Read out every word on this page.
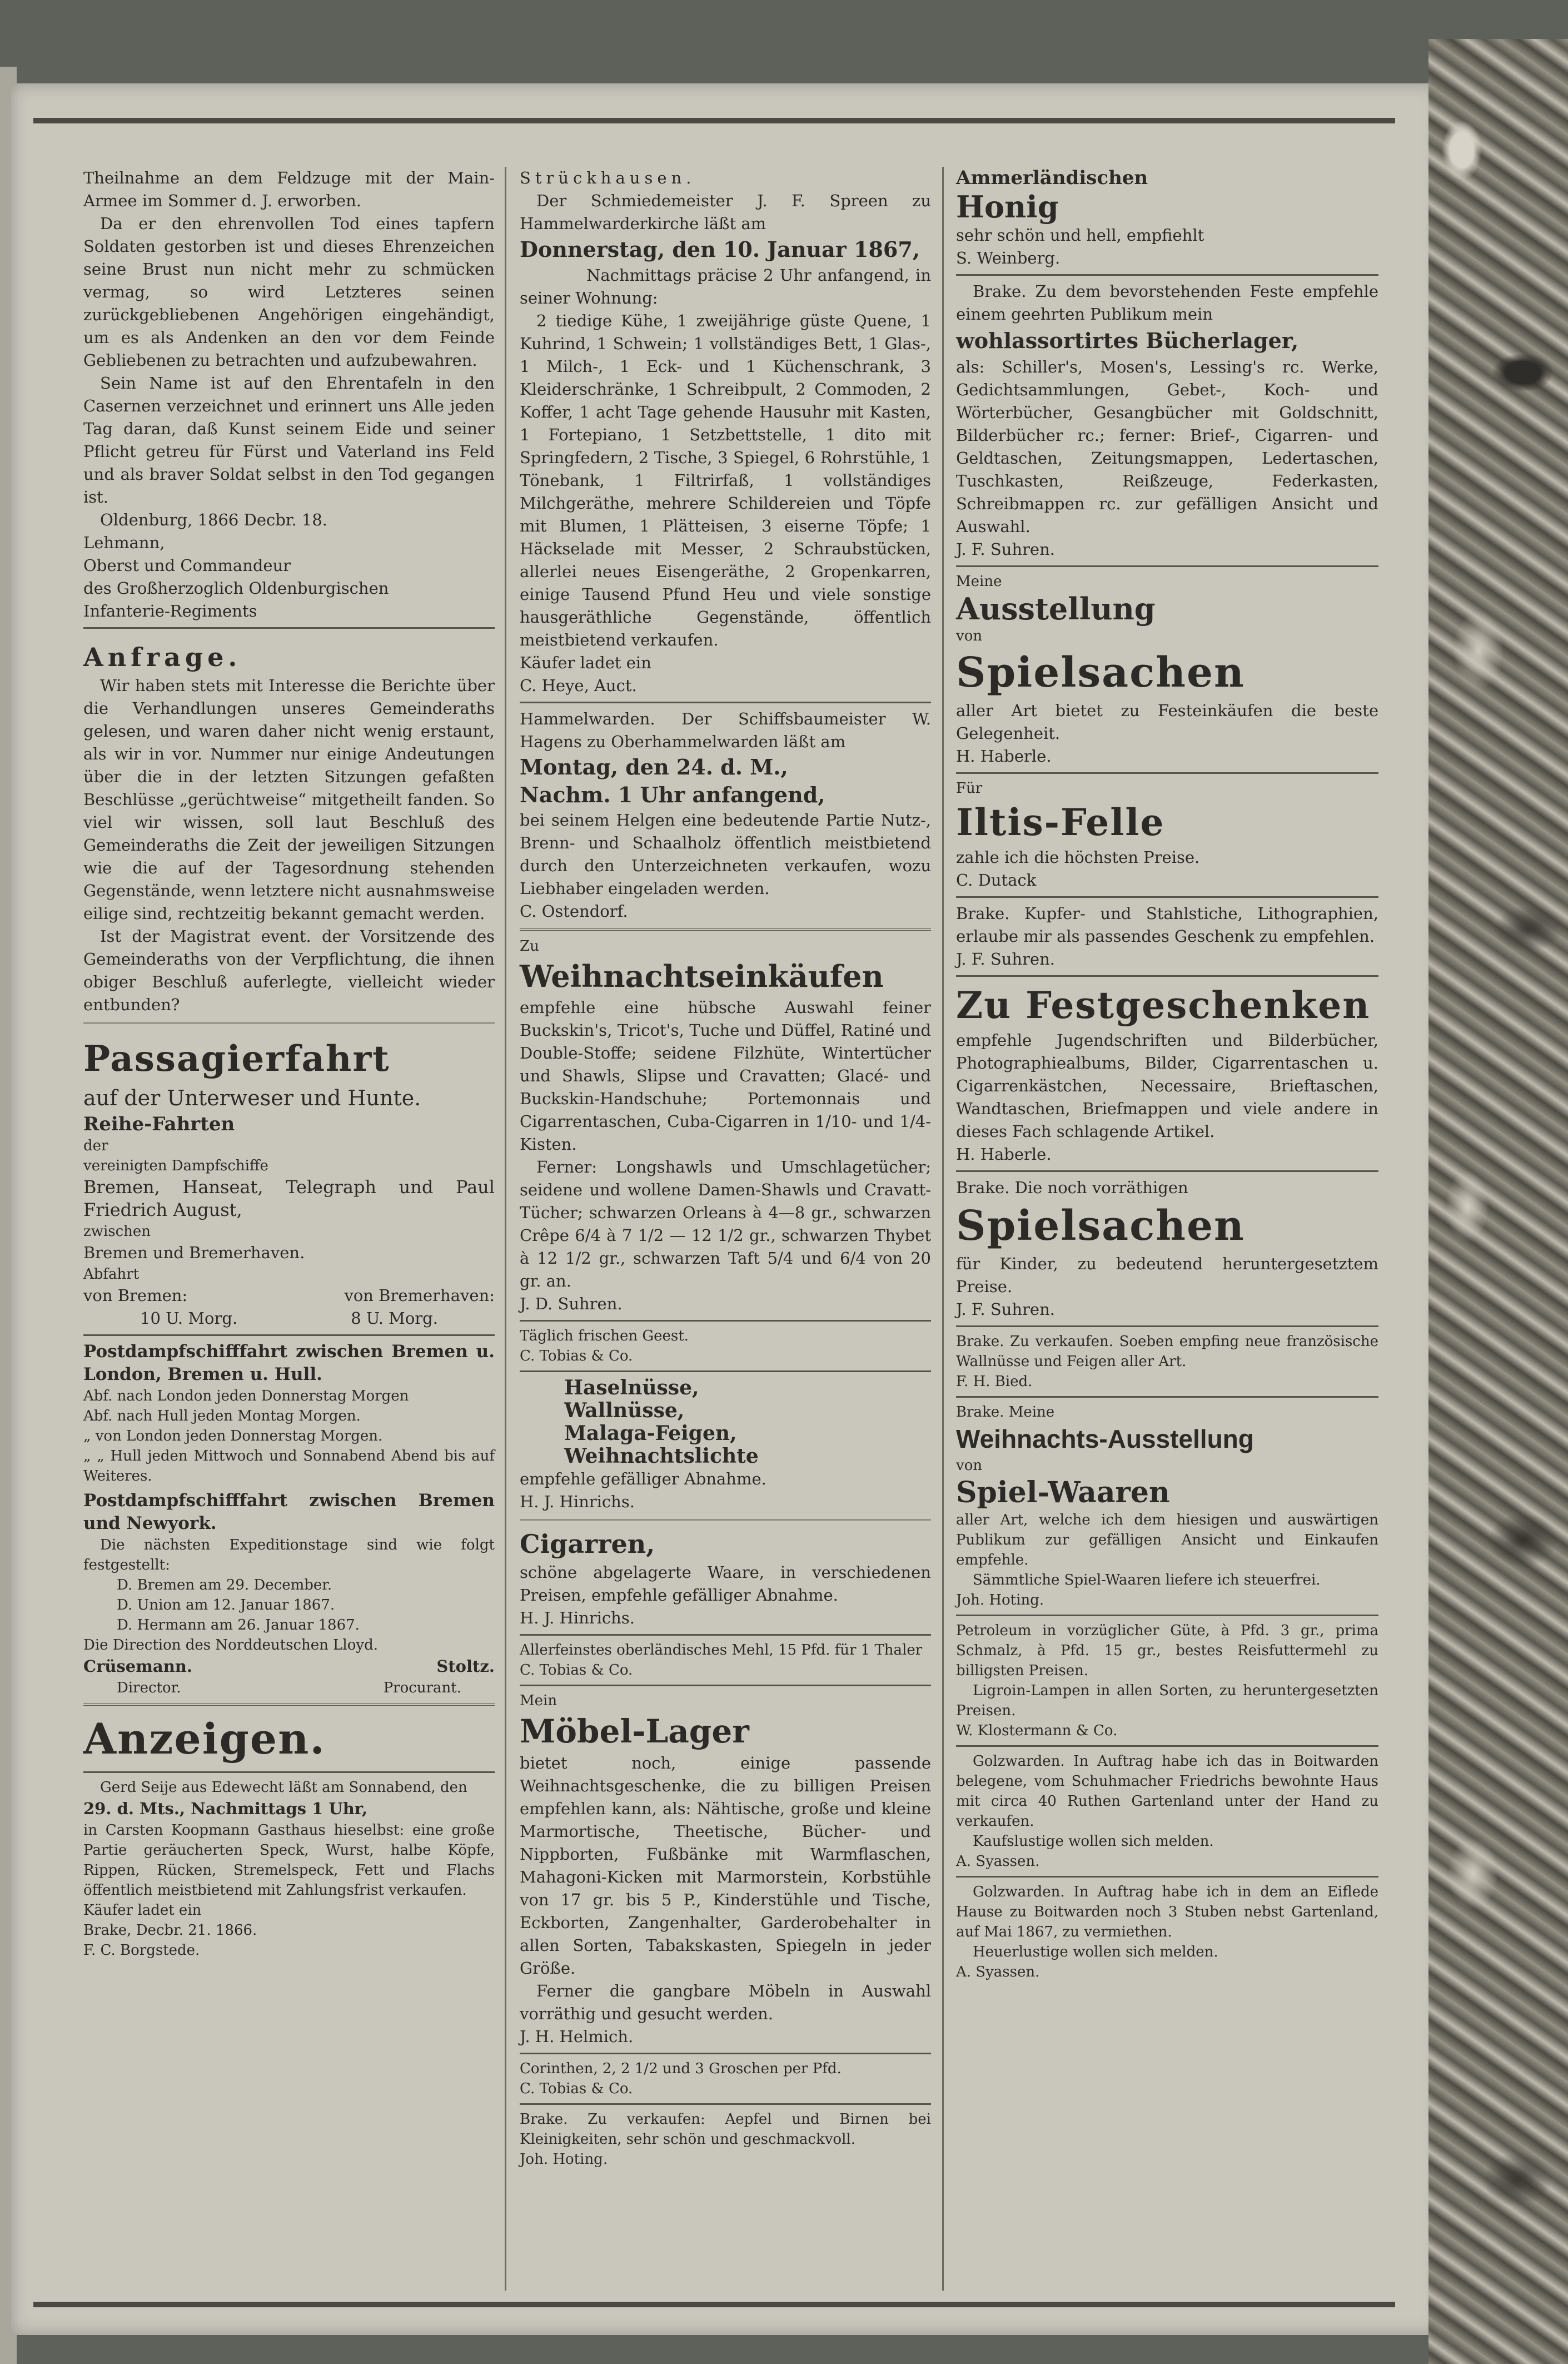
Theilnahme an dem Feldzuge mit der Main-Armee im Sommer d. J. erworben.

Da er den ehrenvollen Tod eines tapfern Soldaten gestorben ist und dieses Ehrenzeichen seine Brust nun nicht mehr zu schmücken vermag, so wird Letzteres seinen zurückgebliebenen Angehörigen eingehändigt, um es als Andenken an den vor dem Feinde Gebliebenen zu betrachten und aufzubewahren.

Sein Name ist auf den Ehrentafeln in den Casernen verzeichnet und erinnert uns Alle jeden Tag daran, daß Kunst seinem Eide und seiner Pflicht getreu für Fürst und Vaterland ins Feld und als braver Soldat selbst in den Tod gegangen ist.

Oldenburg, 1866 Decbr. 18.

Lehmann,

Oberst und Commandeur

des Großherzoglich Oldenburgischen

Infanterie-Regiments

Anfrage.

Wir haben stets mit Interesse die Berichte über die Verhandlungen unseres Gemeinderaths gelesen, und waren daher nicht wenig erstaunt, als wir in vor. Nummer nur einige Andeutungen über die in der letzten Sitzungen gefaßten Beschlüsse „gerüchtweise“ mitgetheilt fanden. So viel wir wissen, soll laut Beschluß des Gemeinderaths die Zeit der jeweiligen Sitzungen wie die auf der Tagesordnung stehenden Gegenstände, wenn letztere nicht ausnahmsweise eilige sind, rechtzeitig bekannt gemacht werden.

Ist der Magistrat event. der Vorsitzende des Gemeinderaths von der Verpflichtung, die ihnen obiger Beschluß auferlegte, vielleicht wieder entbunden?

Passagierfahrt

auf der Unterweser und Hunte.

Reihe-Fahrten

der

vereinigten Dampfschiffe

Bremen, Hanseat, Telegraph und Paul Friedrich August,

zwischen

Bremen und Bremerhaven.

Abfahrt

von Bremen:	von Bremerhaven:
10 U. Morg.	8 U. Morg.

Postdampfschifffahrt zwischen Bremen u. London, Bremen u. Hull.

Abf. nach London jeden Donnerstag Morgen

Abf. nach Hull jeden Montag Morgen.

„ von London jeden Donnerstag Morgen.

„ „ Hull jeden Mittwoch und Sonnabend Abend bis auf Weiteres.

Postdampfschifffahrt zwischen Bremen und Newyork.

Die nächsten Expeditionstage sind wie folgt festgestellt:

D. Bremen am 29. December.

D. Union am 12. Januar 1867.

D. Hermann am 26. Januar 1867.

Die Direction des Norddeutschen Lloyd.

Crüsemann.	Stoltz.
Director.	Procurant.

Anzeigen.

Gerd Seije aus Edewecht läßt am Sonnabend, den

29. d. Mts., Nachmittags 1 Uhr,

in Carsten Koopmann Gasthaus hieselbst: eine große Partie geräucherten Speck, Wurst, halbe Köpfe, Rippen, Rücken, Stremelspeck, Fett und Flachs öffentlich meistbietend mit Zahlungsfrist verkaufen.

Käufer ladet ein

Brake, Decbr. 21. 1866.

F. C. Borgstede.

Strückhausen.

Der Schmiedemeister J. F. Spreen zu Hammelwarderkirche läßt am

Donnerstag, den 10. Januar 1867,

Nachmittags präcise 2 Uhr anfangend, in seiner Wohnung:

2 tiedige Kühe, 1 zweijährige güste Quene, 1 Kuhrind, 1 Schwein; 1 vollständiges Bett, 1 Glas-, 1 Milch-, 1 Eck- und 1 Küchenschrank, 3 Kleiderschränke, 1 Schreibpult, 2 Commoden, 2 Koffer, 1 acht Tage gehende Hausuhr mit Kasten, 1 Fortepiano, 1 Setzbettstelle, 1 dito mit Springfedern, 2 Tische, 3 Spiegel, 6 Rohrstühle, 1 Tönebank, 1 Filtrirfaß, 1 vollständiges Milchgeräthe, mehrere Schildereien und Töpfe mit Blumen, 1 Plätteisen, 3 eiserne Töpfe; 1 Häckselade mit Messer, 2 Schraubstücken, allerlei neues Eisengeräthe, 2 Gropenkarren, einige Tausend Pfund Heu und viele sonstige hausgeräthliche Gegenstände, öffentlich meistbietend verkaufen.

Käufer ladet ein

C. Heye, Auct.

Hammelwarden. Der Schiffsbaumeister W. Hagens zu Oberhammelwarden läßt am

Montag, den 24. d. M.,

Nachm. 1 Uhr anfangend,

bei seinem Helgen eine bedeutende Partie Nutz-, Brenn- und Schaalholz öffentlich meistbietend durch den Unterzeichneten verkaufen, wozu Liebhaber eingeladen werden.

C. Ostendorf.

Zu

Weihnachtseinkäufen

empfehle eine hübsche Auswahl feiner Buckskin's, Tricot's, Tuche und Düffel, Ratiné und Double-Stoffe; seidene Filzhüte, Wintertücher und Shawls, Slipse und Cravatten; Glacé- und Buckskin-Handschuhe; Portemonnais und Cigarrentaschen, Cuba-Cigarren in 1/10- und 1/4-Kisten.

Ferner: Longshawls und Umschlagetücher; seidene und wollene Damen-Shawls und Cravatt-Tücher; schwarzen Orleans à 4—8 gr., schwarzen Crêpe 6/4 à 7 1/2 — 12 1/2 gr., schwarzen Thybet à 12 1/2 gr., schwarzen Taft 5/4 und 6/4 von 20 gr. an.

J. D. Suhren.

Täglich frischen Geest.

C. Tobias & Co.

Haselnüsse,

Wallnüsse,

Malaga-Feigen,

Weihnachtslichte

empfehle gefälliger Abnahme.

H. J. Hinrichs.

Cigarren,

schöne abgelagerte Waare, in verschiedenen Preisen, empfehle gefälliger Abnahme.

H. J. Hinrichs.

Allerfeinstes oberländisches Mehl, 15 Pfd. für 1 Thaler

C. Tobias & Co.

Mein

Möbel-Lager

bietet noch, einige passende Weihnachtsgeschenke, die zu billigen Preisen empfehlen kann, als: Nähtische, große und kleine Marmortische, Theetische, Bücher- und Nippborten, Fußbänke mit Warmflaschen, Mahagoni-Kicken mit Marmorstein, Korbstühle von 17 gr. bis 5 P., Kinderstühle und Tische, Eckborten, Zangenhalter, Garderobehalter in allen Sorten, Tabakskasten, Spiegeln in jeder Größe.

Ferner die gangbare Möbeln in Auswahl vorräthig und gesucht werden.

J. H. Helmich.

Corinthen, 2, 2 1/2 und 3 Groschen per Pfd.

C. Tobias & Co.

Brake. Zu verkaufen: Aepfel und Birnen bei Kleinigkeiten, sehr schön und geschmackvoll.

Joh. Hoting.

Ammerländischen

Honig

sehr schön und hell, empfiehlt

S. Weinberg.

Brake. Zu dem bevorstehenden Feste empfehle einem geehrten Publikum mein

wohlassortirtes Bücherlager,

als: Schiller's, Mosen's, Lessing's rc. Werke, Gedichtsammlungen, Gebet-, Koch- und Wörterbücher, Gesangbücher mit Goldschnitt, Bilderbücher rc.; ferner: Brief-, Cigarren- und Geldtaschen, Zeitungsmappen, Ledertaschen, Tuschkasten, Reißzeuge, Federkasten, Schreibmappen rc. zur gefälligen Ansicht und Auswahl.

J. F. Suhren.

Meine

Ausstellung

von

Spielsachen

aller Art bietet zu Festeinkäufen die beste Gelegenheit.

H. Haberle.

Für

Iltis-Felle

zahle ich die höchsten Preise.

C. Dutack

Brake. Kupfer- und Stahlstiche, Lithographien, erlaube mir als passendes Geschenk zu empfehlen.

J. F. Suhren.

Zu Festgeschenken

empfehle Jugendschriften und Bilderbücher, Photographiealbums, Bilder, Cigarrentaschen u. Cigarrenkästchen, Necessaire, Brieftaschen, Wandtaschen, Briefmappen und viele andere in dieses Fach schlagende Artikel.

H. Haberle.

Brake. Die noch vorräthigen

Spielsachen

für Kinder, zu bedeutend heruntergesetztem Preise.

J. F. Suhren.

Brake. Zu verkaufen. Soeben empfing neue französische Wallnüsse und Feigen aller Art.

F. H. Bied.

Brake. Meine

Weihnachts-Ausstellung

von

Spiel-Waaren

aller Art, welche ich dem hiesigen und auswärtigen Publikum zur gefälligen Ansicht und Einkaufen empfehle.

Sämmtliche Spiel-Waaren liefere ich steuerfrei.

Joh. Hoting.

Petroleum in vorzüglicher Güte, à Pfd. 3 gr., prima Schmalz, à Pfd. 15 gr., bestes Reisfuttermehl zu billigsten Preisen.

Ligroin-Lampen in allen Sorten, zu heruntergesetzten Preisen.

W. Klostermann & Co.

Golzwarden. In Auftrag habe ich das in Boitwarden belegene, vom Schuhmacher Friedrichs bewohnte Haus mit circa 40 Ruthen Gartenland unter der Hand zu verkaufen.

Kaufslustige wollen sich melden.

A. Syassen.

Golzwarden. In Auftrag habe ich in dem an Eiflede Hause zu Boitwarden noch 3 Stuben nebst Gartenland, auf Mai 1867, zu vermiethen.

Heuerlustige wollen sich melden.

A. Syassen.
